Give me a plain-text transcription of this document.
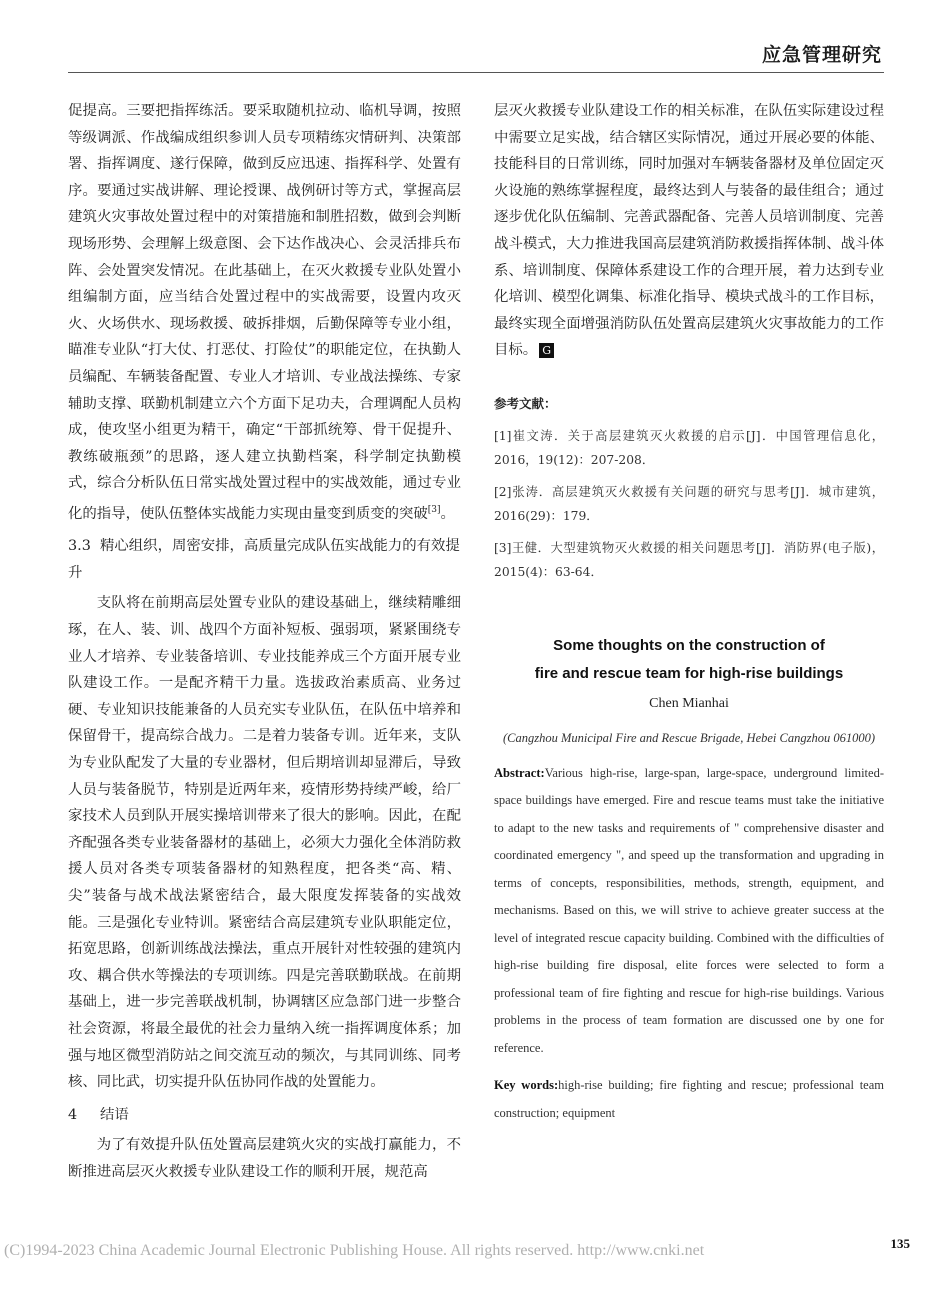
应急管理研究

促提高。三要把指挥练活。要采取随机拉动、临机导调，按照等级调派、作战编成组织参训人员专项精练灾情研判、决策部署、指挥调度、遂行保障，做到反应迅速、指挥科学、处置有序。要通过实战讲解、理论授课、战例研讨等方式，掌握高层建筑火灾事故处置过程中的对策措施和制胜招数，做到会判断现场形势、会理解上级意图、会下达作战决心、会灵活排兵布阵、会处置突发情况。在此基础上，在灭火救援专业队处置小组编制方面，应当结合处置过程中的实战需要，设置内攻灭火、火场供水、现场救援、破拆排烟，后勤保障等专业小组，瞄准专业队“打大仗、打恶仗、打险仗”的职能定位，在执勤人员编配、车辆装备配置、专业人才培训、专业战法操练、专家辅助支撑、联勤机制建立六个方面下足功夫，合理调配人员构成，使攻坚小组更为精干，确定“干部抓统筹、骨干促提升、教练破瓶颈”的思路，逐人建立执勤档案，科学制定执勤模式，综合分析队伍日常实战处置过程中的实战效能，通过专业化的指导，使队伍整体实战能力实现由量变到质变的突破[3]。

3.3 精心组织，周密安排，高质量完成队伍实战能力的有效提升

支队将在前期高层处置专业队的建设基础上，继续精雕细琢，在人、装、训、战四个方面补短板、强弱项，紧紧围绕专业人才培养、专业装备培训、专业技能养成三个方面开展专业队建设工作。一是配齐精干力量。选拔政治素质高、业务过硬、专业知识技能兼备的人员充实专业队伍，在队伍中培养和保留骨干，提高综合战力。二是着力装备专训。近年来，支队为专业队配发了大量的专业器材，但后期培训却显滞后，导致人员与装备脱节，特别是近两年来，疫情形势持续严峻，给厂家技术人员到队开展实操培训带来了很大的影响。因此，在配齐配强各类专业装备器材的基础上，必须大力强化全体消防救援人员对各类专项装备器材的知熟程度，把各类“高、精、尖”装备与战术战法紧密结合，最大限度发挥装备的实战效能。三是强化专业特训。紧密结合高层建筑专业队职能定位，拓宽思路，创新训练战法操法，重点开展针对性较强的建筑内攻、耦合供水等操法的专项训练。四是完善联勤联战。在前期基础上，进一步完善联战机制，协调辖区应急部门进一步整合社会资源，将最全最优的社会力量纳入统一指挥调度体系；加强与地区微型消防站之间交流互动的频次，与其同训练、同考核、同比武，切实提升队伍协同作战的处置能力。

4 结语

为了有效提升队伍处置高层建筑火灾的实战打赢能力，不断推进高层灭火救援专业队建设工作的顺利开展，规范高

层灭火救援专业队建设工作的相关标准，在队伍实际建设过程中需要立足实战，结合辖区实际情况，通过开展必要的体能、技能科目的日常训练，同时加强对车辆装备器材及单位固定灭火设施的熟练掌握程度，最终达到人与装备的最佳组合；通过逐步优化队伍编制、完善武器配备、完善人员培训制度、完善战斗模式，大力推进我国高层建筑消防救援指挥体制、战斗体系、培训制度、保障体系建设工作的合理开展，着力达到专业化培训、模型化调集、标准化指导、模块式战斗的工作目标，最终实现全面增强消防队伍处置高层建筑火灾事故能力的工作目标。 G

参考文献：

[1]崔文涛．关于高层建筑灭火救援的启示[J]．中国管理信息化，2016，19(12)：207-208．

[2]张涛．高层建筑灭火救援有关问题的研究与思考[J]．城市建筑，2016(29)：179．

[3]王健．大型建筑物灭火救援的相关问题思考[J]．消防界(电子版)，2015(4)：63-64．

Some thoughts on the construction of
fire and rescue team for high-rise buildings
Chen Mianhai
(Cangzhou Municipal Fire and Rescue Brigade, Hebei Cangzhou 061000)

Abstract:Various high-rise, large-span, large-space, underground limited-space buildings have emerged. Fire and rescue teams must take the initiative to adapt to the new tasks and requirements of " comprehensive disaster and coordinated emergency ", and speed up the transformation and upgrading in terms of concepts, responsibilities, methods, strength, equipment, and mechanisms. Based on this, we will strive to achieve greater success at the level of integrated rescue capacity building. Combined with the difficulties of high-rise building fire disposal, elite forces were selected to form a professional team of fire fighting and rescue for high-rise buildings. Various problems in the process of team formation are discussed one by one for reference.

Key words:high-rise building; fire fighting and rescue; professional team construction; equipment

(C)1994-2023 China Academic Journal Electronic Publishing House. All rights reserved. http://www.cnki.net	135
